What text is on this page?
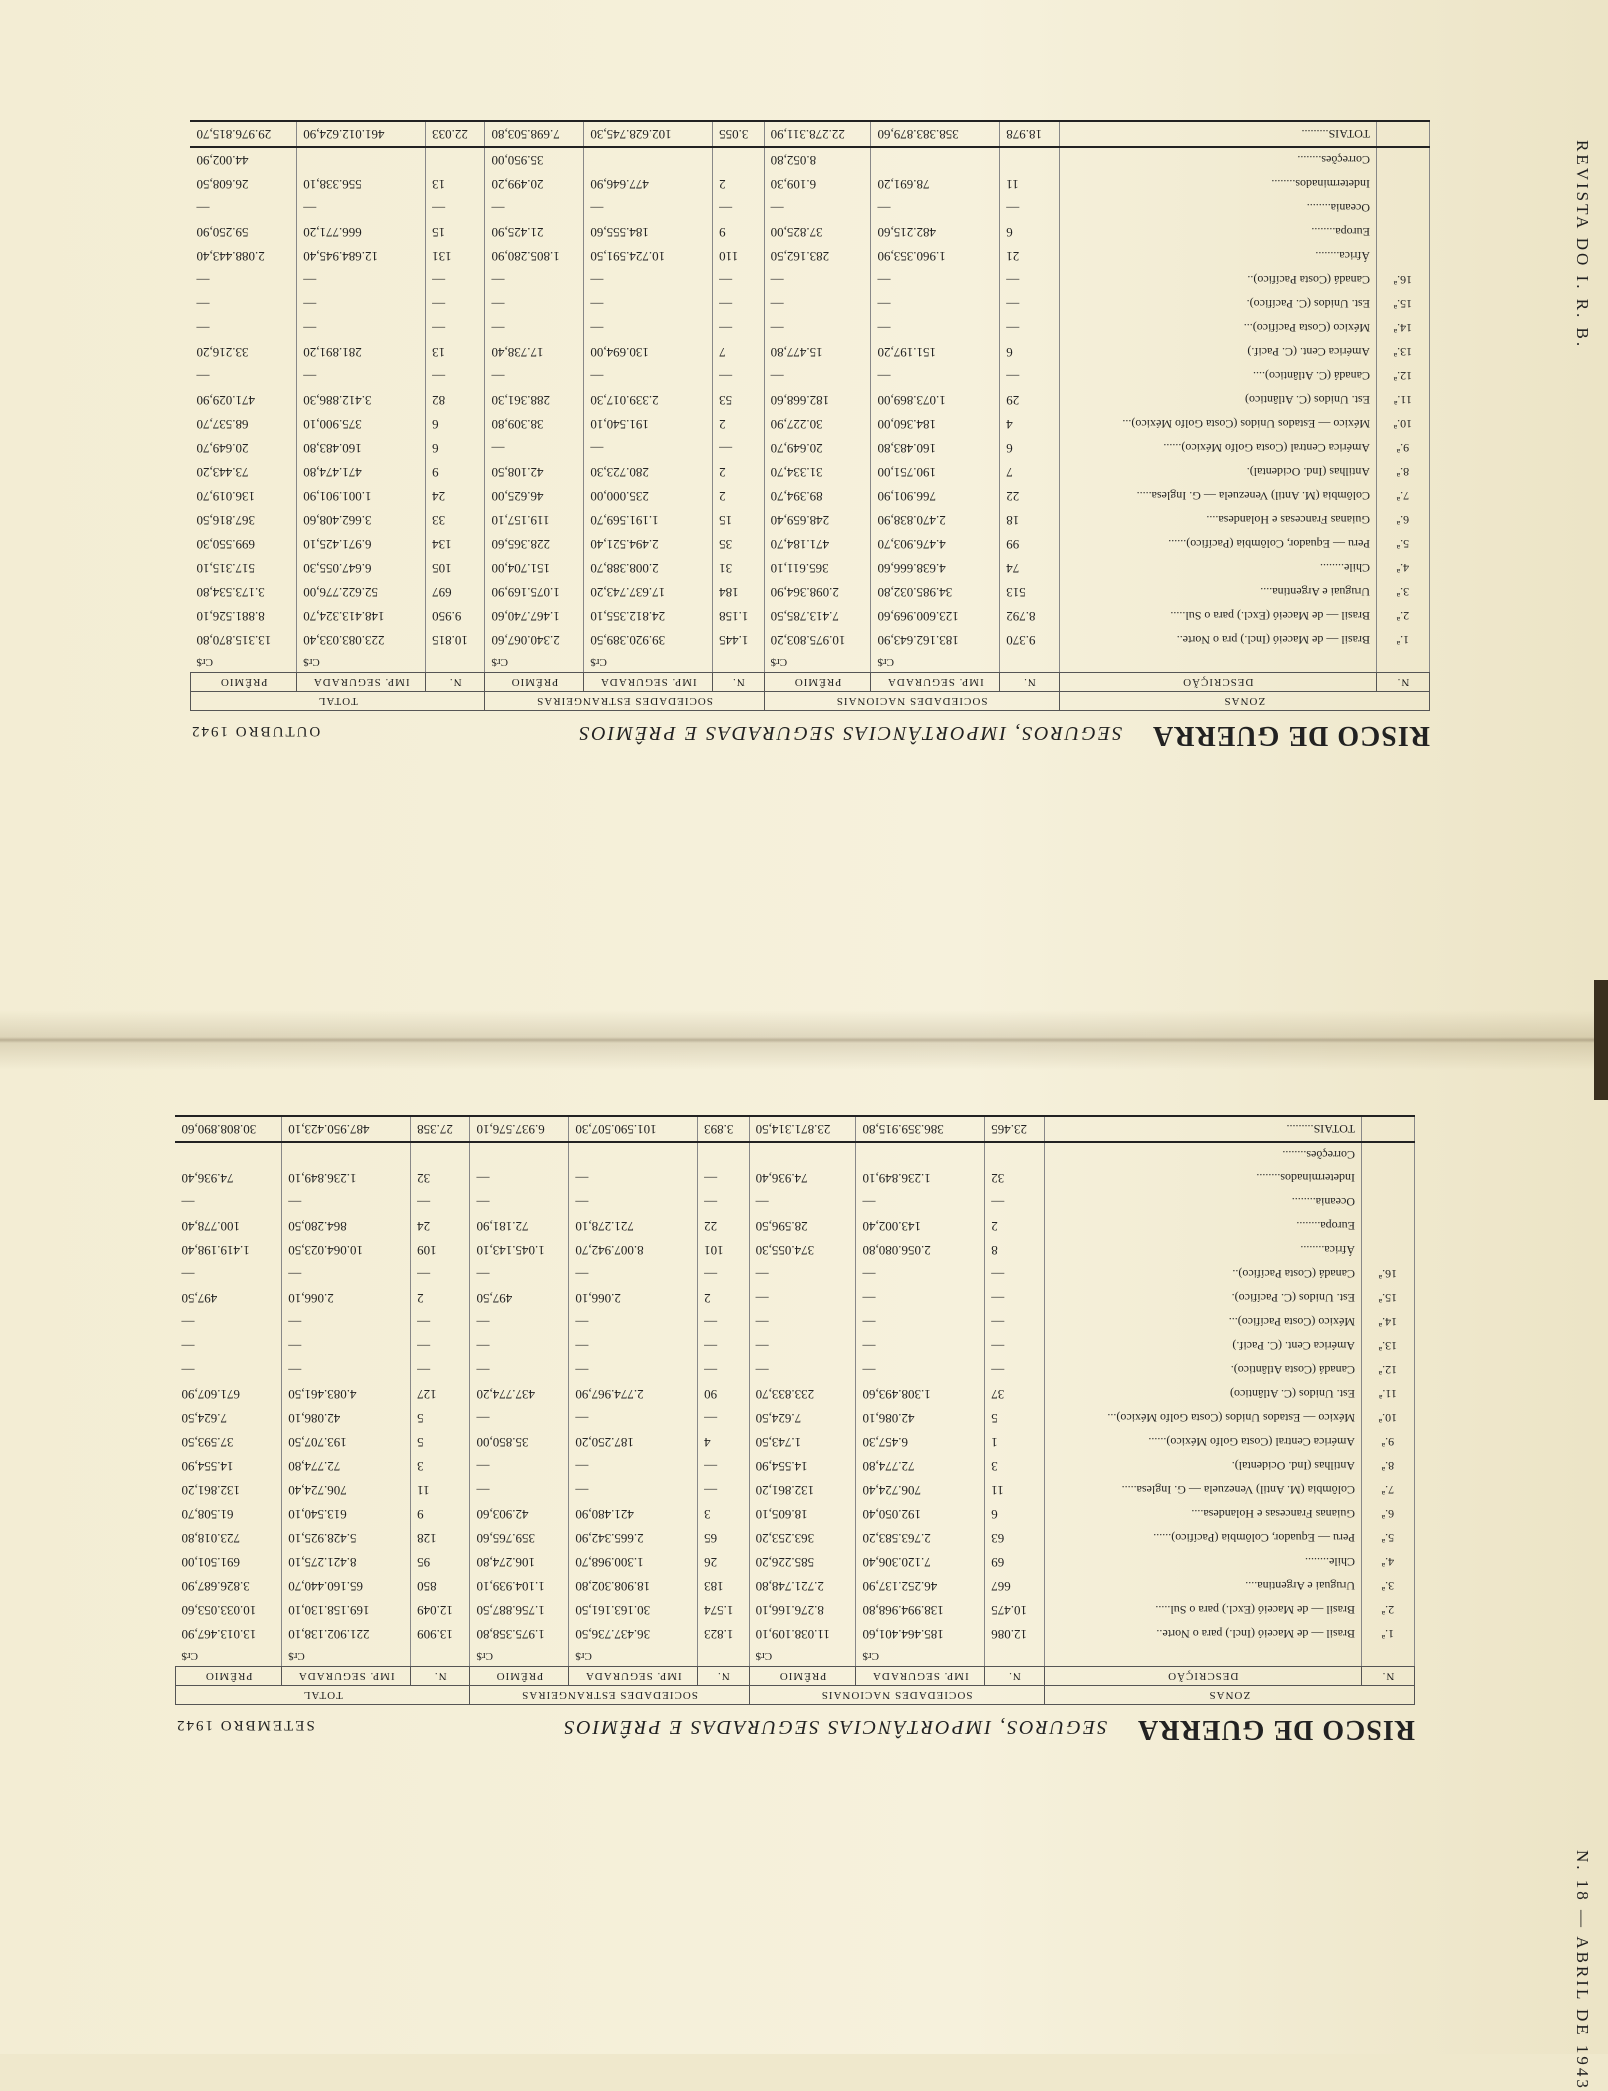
REVISTA DO I. R. B.
N. 18 — ABRIL DE 1943
RISCO DE GUERRA
SEGUROS, IMPORTÂNCIAS SEGURADAS E PRÊMIOS
OUTUBRO 1942
ZONAS		SOCIEDADES NACIONAIS			SOCIEDADES ESTRANGEIRAS			TOTAL		
N.	DESCRIÇÃO	N.	IMP. SEGURADA	PRÊMIO	N.	IMP. SEGURADA	PRÊMIO	N.	IMP. SEGURADA	PRÊMIO
			Cr$	Cr$		Cr$	Cr$		Cr$	Cr$
1.ª	Brasil — de Maceió (Incl.) pra o Norte..	9.370	183.162.643,90	10.975.803,20	1.445	39.920.389,50	2.340.067,60	10.815	223.083.033,40	13.315.870,80
2.ª	Brasil — de Maceió (Excl.) para o Sul.....	8.792	123.600.969,60	7.413.785,50	1.158	24.812.355,10	1.467.740,60	9.950	148.413.324,70	8.881.526,10
3.ª	Uruguai e Argentina....	513	34.985.032,80	2.098.364,90	184	17.637.743,20	1.075.169,90	697	52.622.776,00	3.173.534,80
4.ª	Chile........	74	4.638.666,60	365.611,10	31	2.008.388,70	151.704,00	105	6.647.055,30	517.315,10
5.ª	Peru — Equador, Colômbia (Pacífico)......	99	4.476.903,70	471.184,70	35	2.494.521,40	228.365,60	134	6.971.425,10	699.550,30
6.ª	Guianas Francesas e Holandesa....	18	2.470.838,90	248.659,40	15	1.191.569,70	119.157,10	33	3.662.408,60	367.816,50
7.ª	Colômbia (M. Antil) Venezuela — G. Inglesa.....	22	766.901,90	89.394,70	2	235.000,00	46.625,00	24	1.001.901,90	136.019,70
8.ª	Antilhas (Ind. Ocidental).	7	190.751,00	31.334,70	2	280.723,30	42.108,50	9	471.474,80	73.443,20
9.ª	América Central (Costa Golfo México)......	6	160.483,80	20.649,70	—	—	—	6	160.483,80	20.649,70
10.ª	México — Estados Unidos (Costa Golfo México)...	4	184.360,00	30.227,90	2	191.540,10	38.309,80	6	375.900,10	68.537,70
11.ª	Est. Unidos (C. Atlântico)	29	1.073.869,00	182.668,60	53	2.339.017,30	288.361,30	82	3.412.886,30	471.029,90
12.ª	Canadá (C. Atlântico)....	—	—	—	—	—	—	—	—	—
13.ª	América Cent. (C. Pacif.)	6	151.197,20	15.477,80	7	130.694,00	17.738,40	13	281.891,20	33.216,20
14.ª	México (Costa Pacífico)...	—	—	—	—	—	—	—	—	—
15.ª	Est. Unidos (C. Pacífico).	—	—	—	—	—	—	—	—	—
16.ª	Canadá (Costa Pacífico)..	—	—	—	—	—	—	—	—	—
	África........	21	1.960.353,90	283.162,50	110	10.724.591,50	1.805.280,90	131	12.684.945,40	2.088.443,40
	Europa........	6	482.215,60	37.825,00	9	184.555,60	21.425,90	15	666.771,20	59.250,90
	Oceania........	—	—	—	—	—	—	—	—	—
	Indeterminados........	11	78.691,20	6.109,30	2	477.646,90	20.499,20	13	556.338,10	26.608,50
	Correções........			8.052,80			35.950,00			44.002,90
	TOTAIS.........	18.978	358.383.879,60	22.278.311,90	3.055	102.628.745,30	7.698.503,80	22.033	461.012.624,90	29.976.815,70
RISCO DE GUERRA
SEGUROS, IMPORTÂNCIAS SEGURADAS E PRÊMIOS
SETEMBRO 1942
ZONAS		SOCIEDADES NACIONAIS			SOCIEDADES ESTRANGEIRAS			TOTAL		
N.	DESCRIÇÃO	N.	IMP. SEGURADA	PRÊMIO	N.	IMP. SEGURADA	PRÊMIO	N.	IMP. SEGURADA	PRÊMIO
			Cr$	Cr$		Cr$	Cr$		Cr$	Cr$
1.ª	Brasil — de Maceió (Incl.) para o Norte..	12.086	185.464.401,60	11.038.109,10	1.823	36.437.736,50	1.975.358,80	13.909	221.902.138,10	13.013.467,90
2.ª	Brasil — de Maceió (Excl.) para o Sul.....	10.475	138.994.968,80	8.276.166,10	1.574	30.163.161,50	1.756.887,50	12.049	169.158.130,10	10.033.053,60
3.ª	Uruguai e Argentina....	667	46.252.137,90	2.721.748,80	183	18.908.302,80	1.104.939,10	850	65.160.440,70	3.826.687,90
4.ª	Chile........	69	7.120.306,40	585.226,20	26	1.300.968,70	106.274,80	95	8.421.275,10	691.501,00
5.ª	Peru — Equador, Colômbia (Pacífico)......	63	2.763.583,20	363.253,20	65	2.665.342,90	359.765,60	128	5.428.925,10	723.018,80
6.ª	Guianas Francesas e Holandesa....	6	192.050,40	18.605,10	3	421.480,90	42.903,60	9	613.540,10	61.508,70
7.ª	Colômbia (M. Antil) Venezuela — G. Inglesa.....	11	706.724,40	132.861,20	—	—	—	11	706.724,40	132.861,20
8.ª	Antilhas (Ind. Ocidental).	3	72.774,80	14.554,90	—	—	—	3	72.774,80	14.554,90
9.ª	América Central (Costa Golfo México)......	1	6.457,30	1.743,50	4	187.250,20	35.850,00	5	193.707,50	37.593,50
10.ª	México — Estados Unidos (Costa Golfo México)...	5	42.086,10	7.624,50	—	—	—	5	42.086,10	7.624,50
11.ª	Est. Unidos (C. Atlântico)	37	1.308.493,60	233.833,70	90	2.774.967,90	437.774,20	127	4.083.461,50	671.607,90
12.ª	Canadá (Costa Atlântico).	—	—	—	—	—	—	—	—	—
13.ª	América Cent. (C. Pacif.)	—	—	—	—	—	—	—	—	—
14.ª	México (Costa Pacífico)...	—	—	—	—	—	—	—	—	—
15.ª	Est. Unidos (C. Pacífico).	—	—	—	2	2.066,10	497,50	2	2.066,10	497,50
16.ª	Canadá (Costa Pacífico)..	—	—	—	—	—	—	—	—	—
	África........	8	2.056.080,80	374.055,30	101	8.007.942,70	1.045.143,10	109	10.064.023,50	1.419.198,40
	Europa........	2	143.002,40	28.596,50	22	721.278,10	72.181,90	24	864.280,50	100.778,40
	Oceania........	—	—	—	—	—	—	—	—	—
	Indeterminados........	32	1.236.849,10	74.936,40	—	—	—	32	1.236.849,10	74.936,40
	Correções........									
	TOTAIS.........	23.465	386.359.915,80	23.871.314,50	3.893	101.590.507,30	6.937.576,10	27.358	487.950.423,10	30.808.890,60
